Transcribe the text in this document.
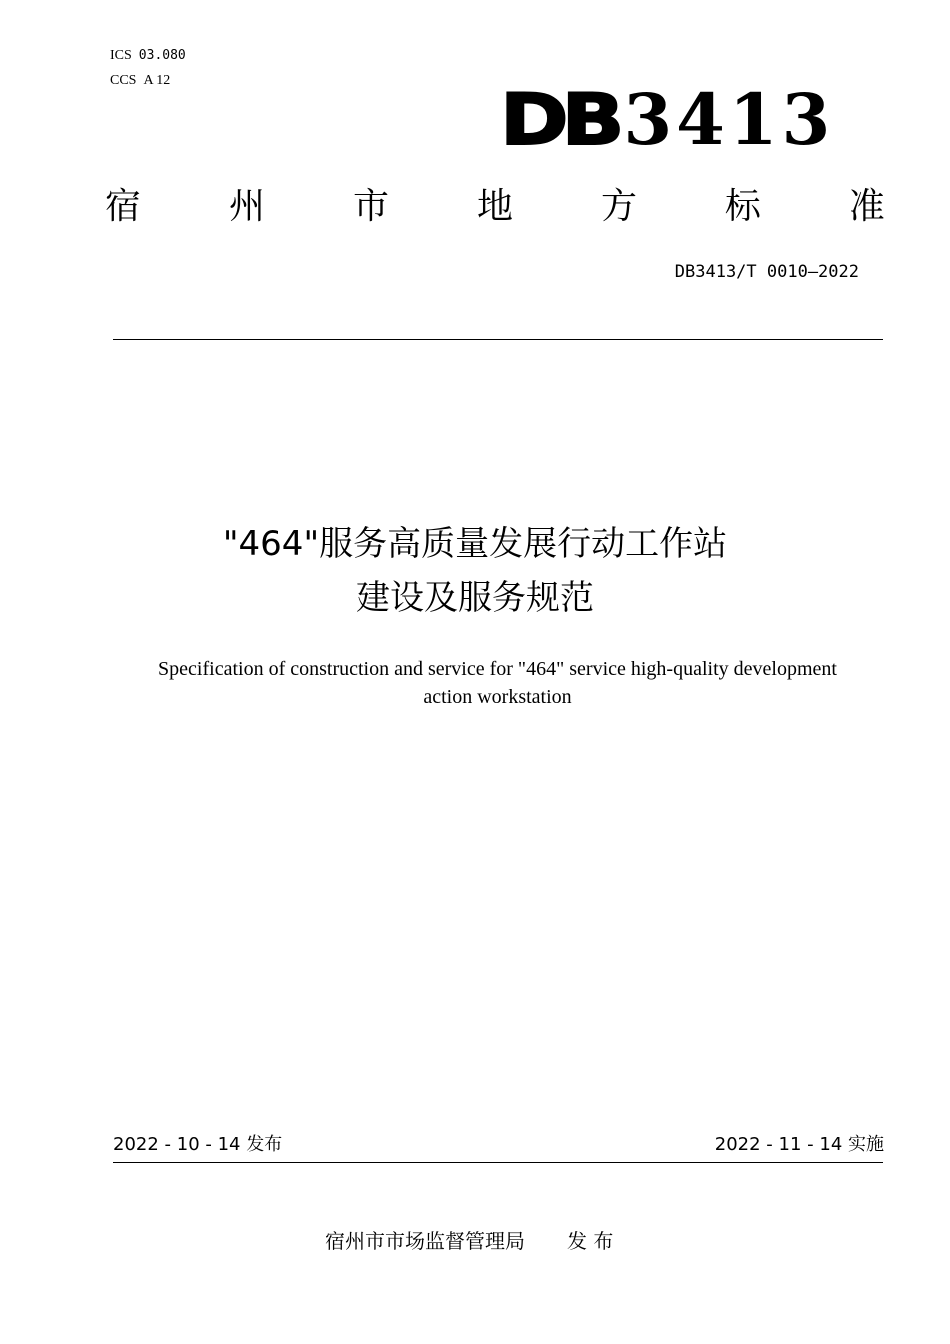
ICS 03.080
CCS A 12	DB3413
宿 州 市 地 方 标 准
DB3413/T 0010—2022
"464"服务高质量发展行动工作站
建设及服务规范
Specification of construction and service for "464" service high-quality development
action workstation
2022 - 10 - 14 发布	2022 - 11 - 14 实施
宿州市市场监督管理局 发 布
